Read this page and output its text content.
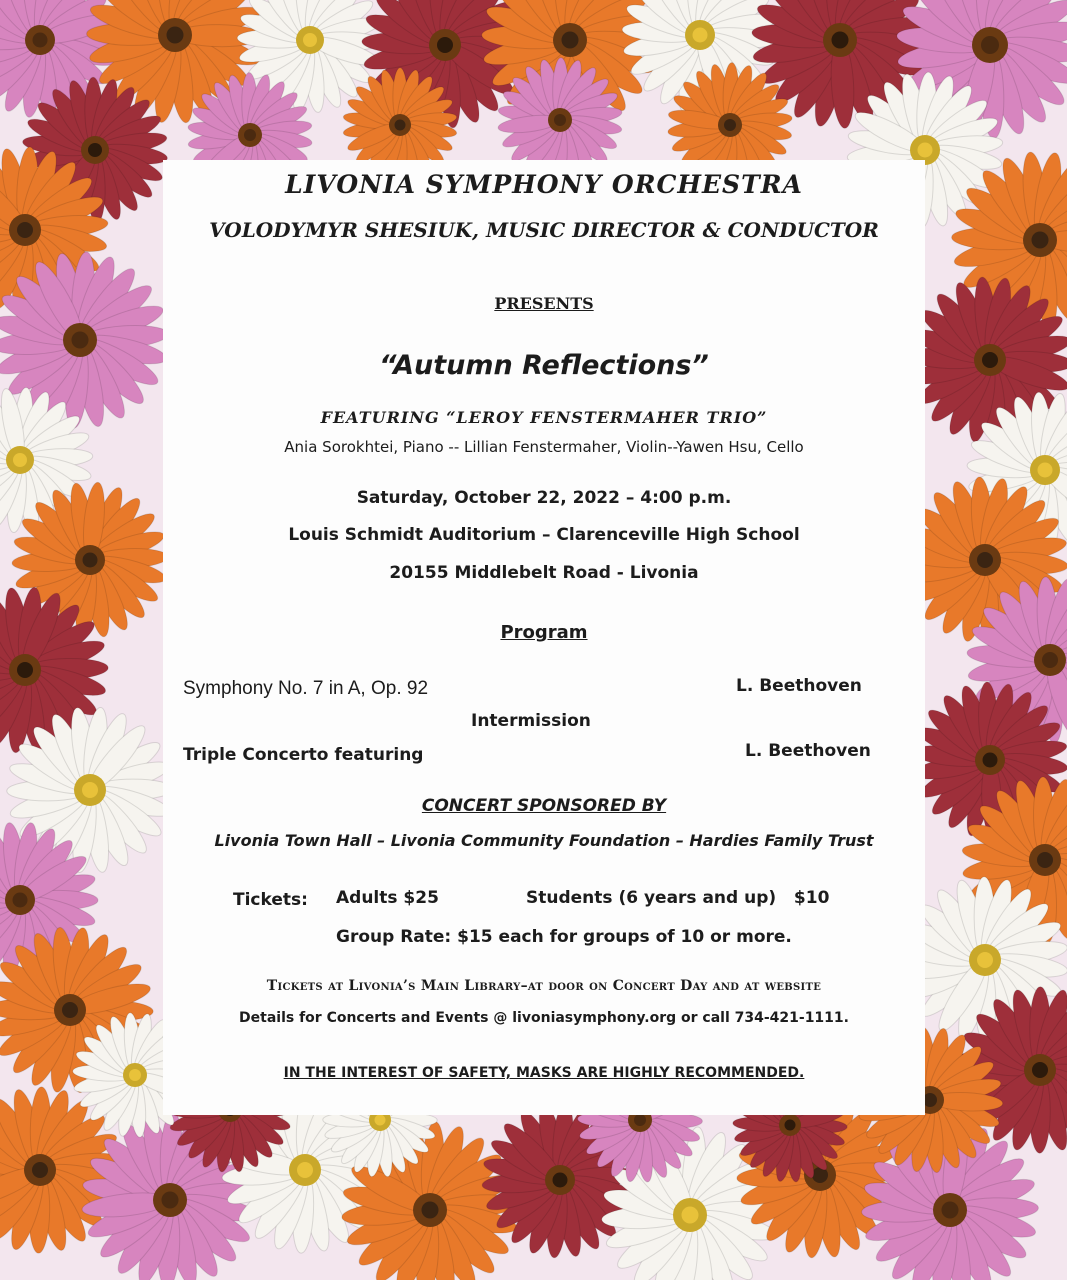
LIVONIA SYMPHONY ORCHESTRA
VOLODYMYR SHESIUK, MUSIC DIRECTOR & CONDUCTOR
PRESENTS
“Autumn Reflections”
FEATURING “LEROY FENSTERMAHER TRIO”
Ania Sorokhtei, Piano -- Lillian Fenstermaher, Violin--Yawen Hsu, Cello
Saturday, October 22, 2022 – 4:00 p.m.
Louis Schmidt Auditorium – Clarenceville High School
20155 Middlebelt Road - Livonia
Program
Symphony No. 7 in A, Op. 92	L. Beethoven
Intermission
Triple Concerto featuring	L. Beethoven
CONCERT SPONSORED BY
Livonia Town Hall – Livonia Community Foundation – Hardies Family Trust
Tickets: Adults $25	Students (6 years and up)   $10
Group Rate: $15 each for groups of 10 or more.
Tickets at Livonia’s Main Library–at door on Concert Day and at website
Details for Concerts and Events @ livoniasymphony.org or call 734-421-1111.
IN THE INTEREST OF SAFETY, MASKS ARE HIGHLY RECOMMENDED.
